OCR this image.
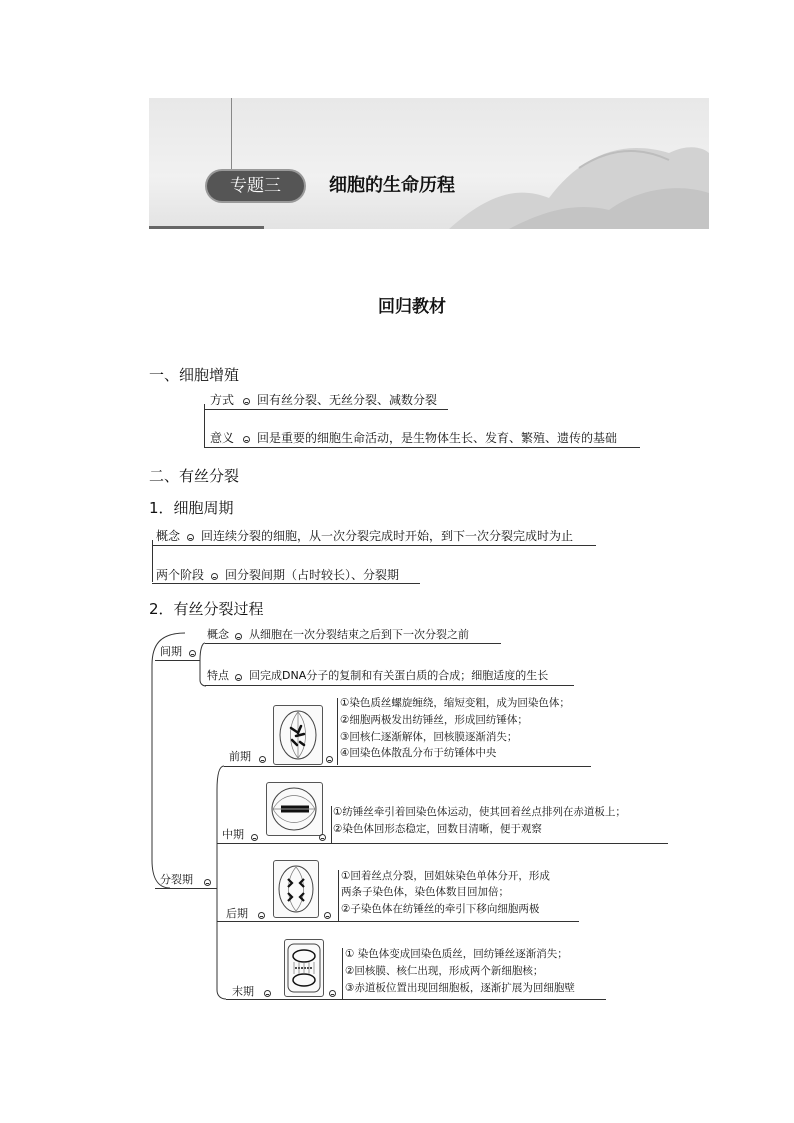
专题三	细胞的生命历程
回归教材
一、细胞增殖
方式 回有丝分裂、无丝分裂、减数分裂
意义 回是重要的细胞生命活动，是生物体生长、发育、繁殖、遗传的基础
二、有丝分裂
1．细胞周期
概念 回连续分裂的细胞，从一次分裂完成时开始，到下一次分裂完成时为止
两个阶段 回分裂间期（占时较长）、分裂期
2．有丝分裂过程
间期
概念 从细胞在一次分裂结束之后到下一次分裂之前
特点 回完成DNA分子的复制和有关蛋白质的合成；细胞适度的生长
分裂期
前期
①染色质丝螺旋缠绕，缩短变粗，成为回染色体；
②细胞两极发出纺锤丝，形成回纺锤体；
③回核仁逐渐解体，回核膜逐渐消失；
④回染色体散乱分布于纺锤体中央
中期
①纺锤丝牵引着回染色体运动，使其回着丝点排列在赤道板上；
②染色体回形态稳定，回数目清晰，便于观察
后期
①回着丝点分裂，回姐妹染色单体分开，形成
两条子染色体，染色体数目回加倍；
②子染色体在纺锤丝的牵引下移向细胞两极
末期
① 染色体变成回染色质丝，回纺锤丝逐渐消失；
②回核膜、核仁出现，形成两个新细胞核；
③赤道板位置出现回细胞板，逐渐扩展为回细胞壁
